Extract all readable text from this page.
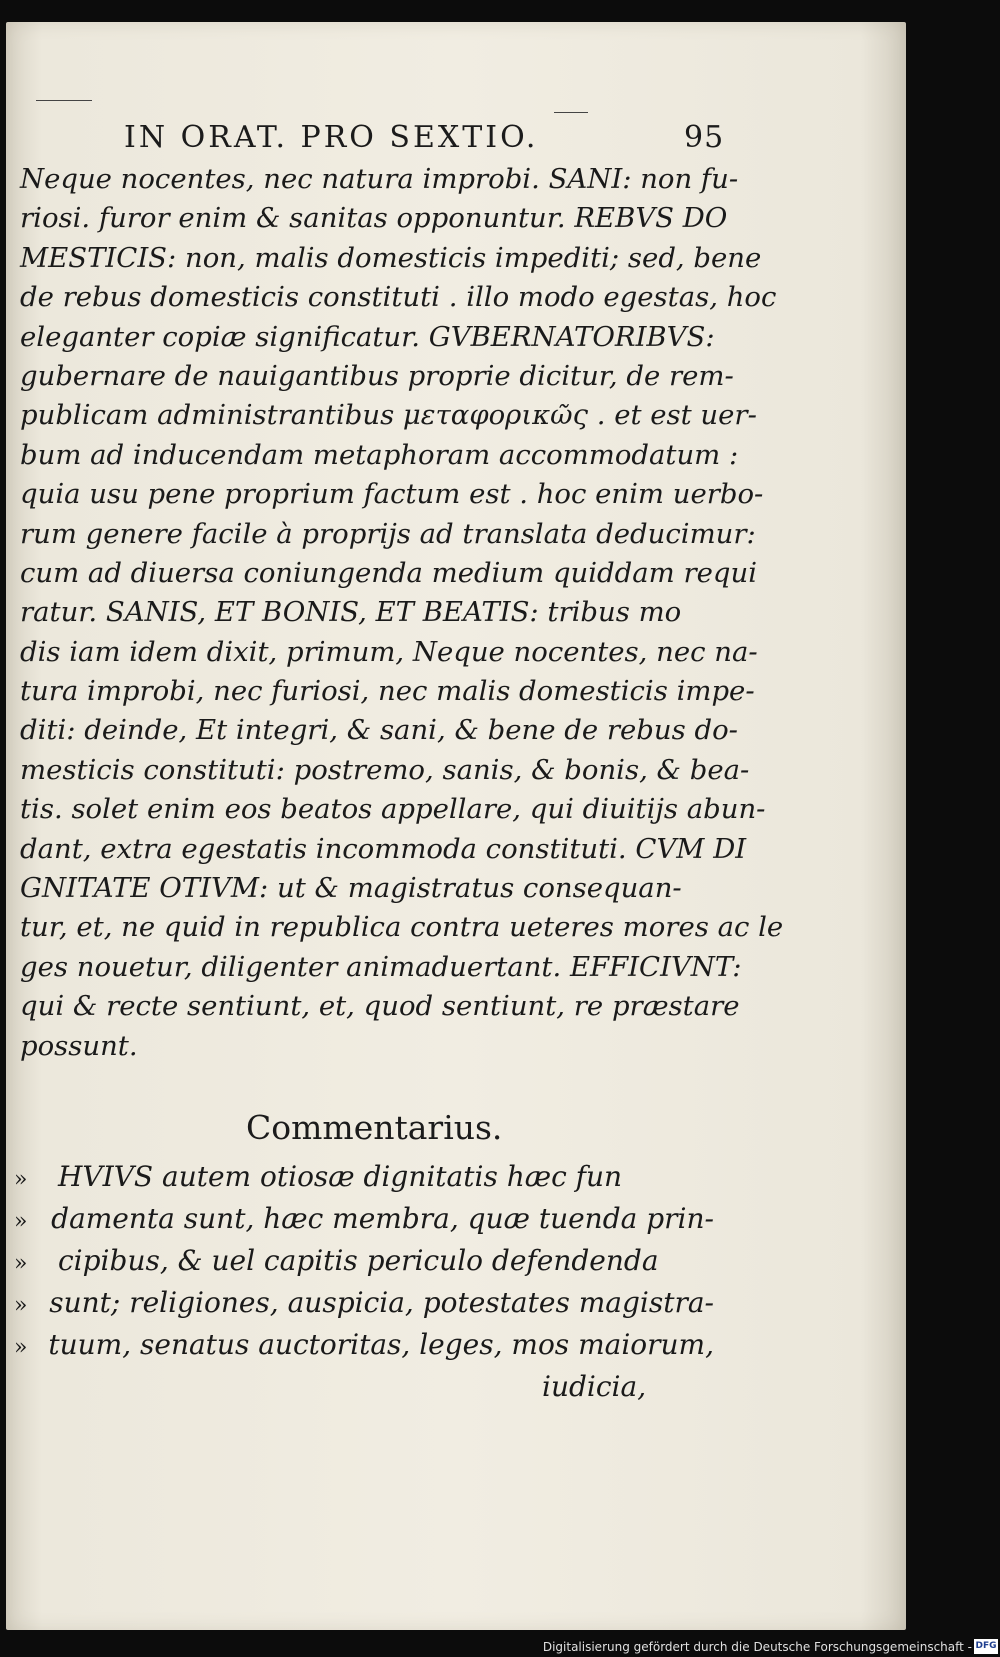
IN ORAT. PRO SEXTIO.	95
Neque nocentes, nec natura improbi. SANI: non fu-
riosi. furor enim & sanitas opponuntur. REBVS DO
MESTICIS: non, malis domesticis impediti; sed, bene
de rebus domesticis constituti . illo modo egestas, hoc
eleganter copiæ significatur. GVBERNATORIBVS:
gubernare de nauigantibus proprie dicitur, de rem-
publicam administrantibus μεταφορικῶς . et est uer-
bum ad inducendam metaphoram accommodatum :
quia usu pene proprium factum est . hoc enim uerbo-
rum genere facile à proprijs ad translata deducimur:
cum ad diuersa coniungenda medium quiddam requi
ratur. SANIS, ET BONIS, ET BEATIS: tribus mo
dis iam idem dixit, primum, Neque nocentes, nec na-
tura improbi, nec furiosi, nec malis domesticis impe-
diti: deinde, Et integri, & sani, & bene de rebus do-
mesticis constituti: postremo, sanis, & bonis, & bea-
tis. solet enim eos beatos appellare, qui diuitijs abun-
dant, extra egestatis incommoda constituti. CVM DI
GNITATE OTIVM: ut & magistratus consequan-
tur, et, ne quid in republica contra ueteres mores ac le
ges nouetur, diligenter animaduertant. EFFICIVNT:
qui & recte sentiunt, et, quod sentiunt, re præstare
possunt.
Commentarius.
»	HVIVS autem otiosæ dignitatis hæc fun
» damenta sunt, hæc membra, quæ tuenda prin-
»	cipibus, & uel capitis periculo defendenda
» sunt; religiones, auspicia, potestates magistra-
» tuum, senatus auctoritas, leges, mos maiorum,
iudicia,
Digitalisierung gefördert durch die Deutsche Forschungsgemeinschaft - DFG
